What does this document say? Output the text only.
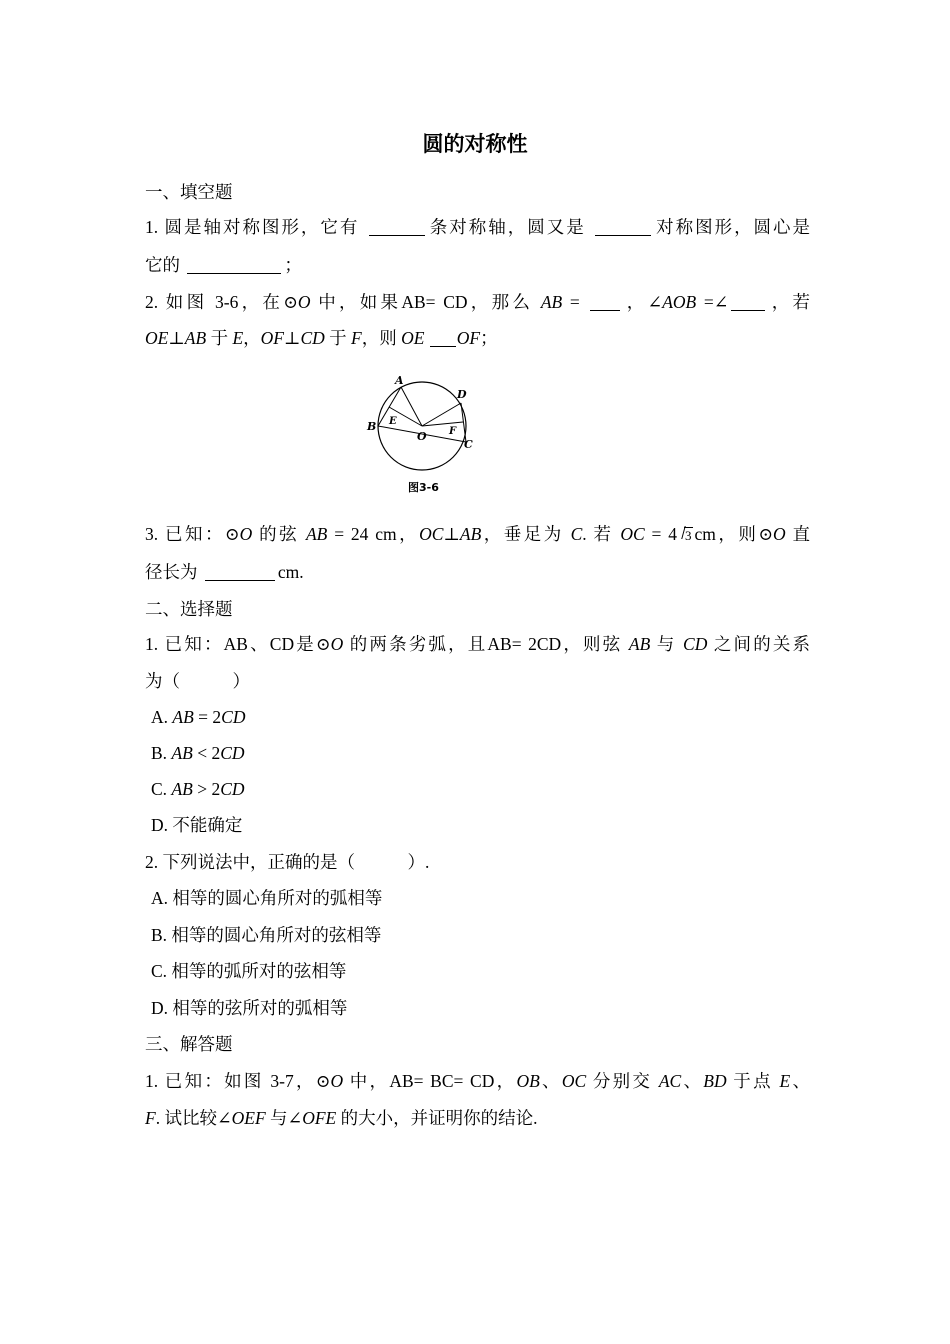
圆的对称性
一、填空题
1. 圆是轴对称图形，它有	条对称轴，圆又是	对称图形，圆心是
它的	；
2. 如图 3-6，在⊙O 中，如果AB= CD，那么 AB = ，∠AOB =∠ ，若
OE⊥AB 于 E，OF⊥CD 于 F，则 OE OF；
A
B
C
D
E
F
O
图3-6
3. 已知：⊙O 的弦 AB = 24 cm，OC⊥AB，垂足为 C. 若 OC = 4 3 cm，则⊙O 直
径长为	cm.
二、选择题
1. 已知：AB、CD是⊙O 的两条劣弧，且AB= 2CD，则弦 AB 与 CD 之间的关系
为（　　　）
A. AB = 2CD
B. AB < 2CD
C. AB > 2CD
D. 不能确定
2. 下列说法中，正确的是（　　　）.
A. 相等的圆心角所对的弧相等
B. 相等的圆心角所对的弦相等
C. 相等的弧所对的弦相等
D. 相等的弦所对的弧相等
三、解答题
1. 已知：如图 3-7，⊙O 中，AB= BC= CD，OB、OC 分别交 AC、BD 于点 E、
F. 试比较∠OEF 与∠OFE 的大小，并证明你的结论.
